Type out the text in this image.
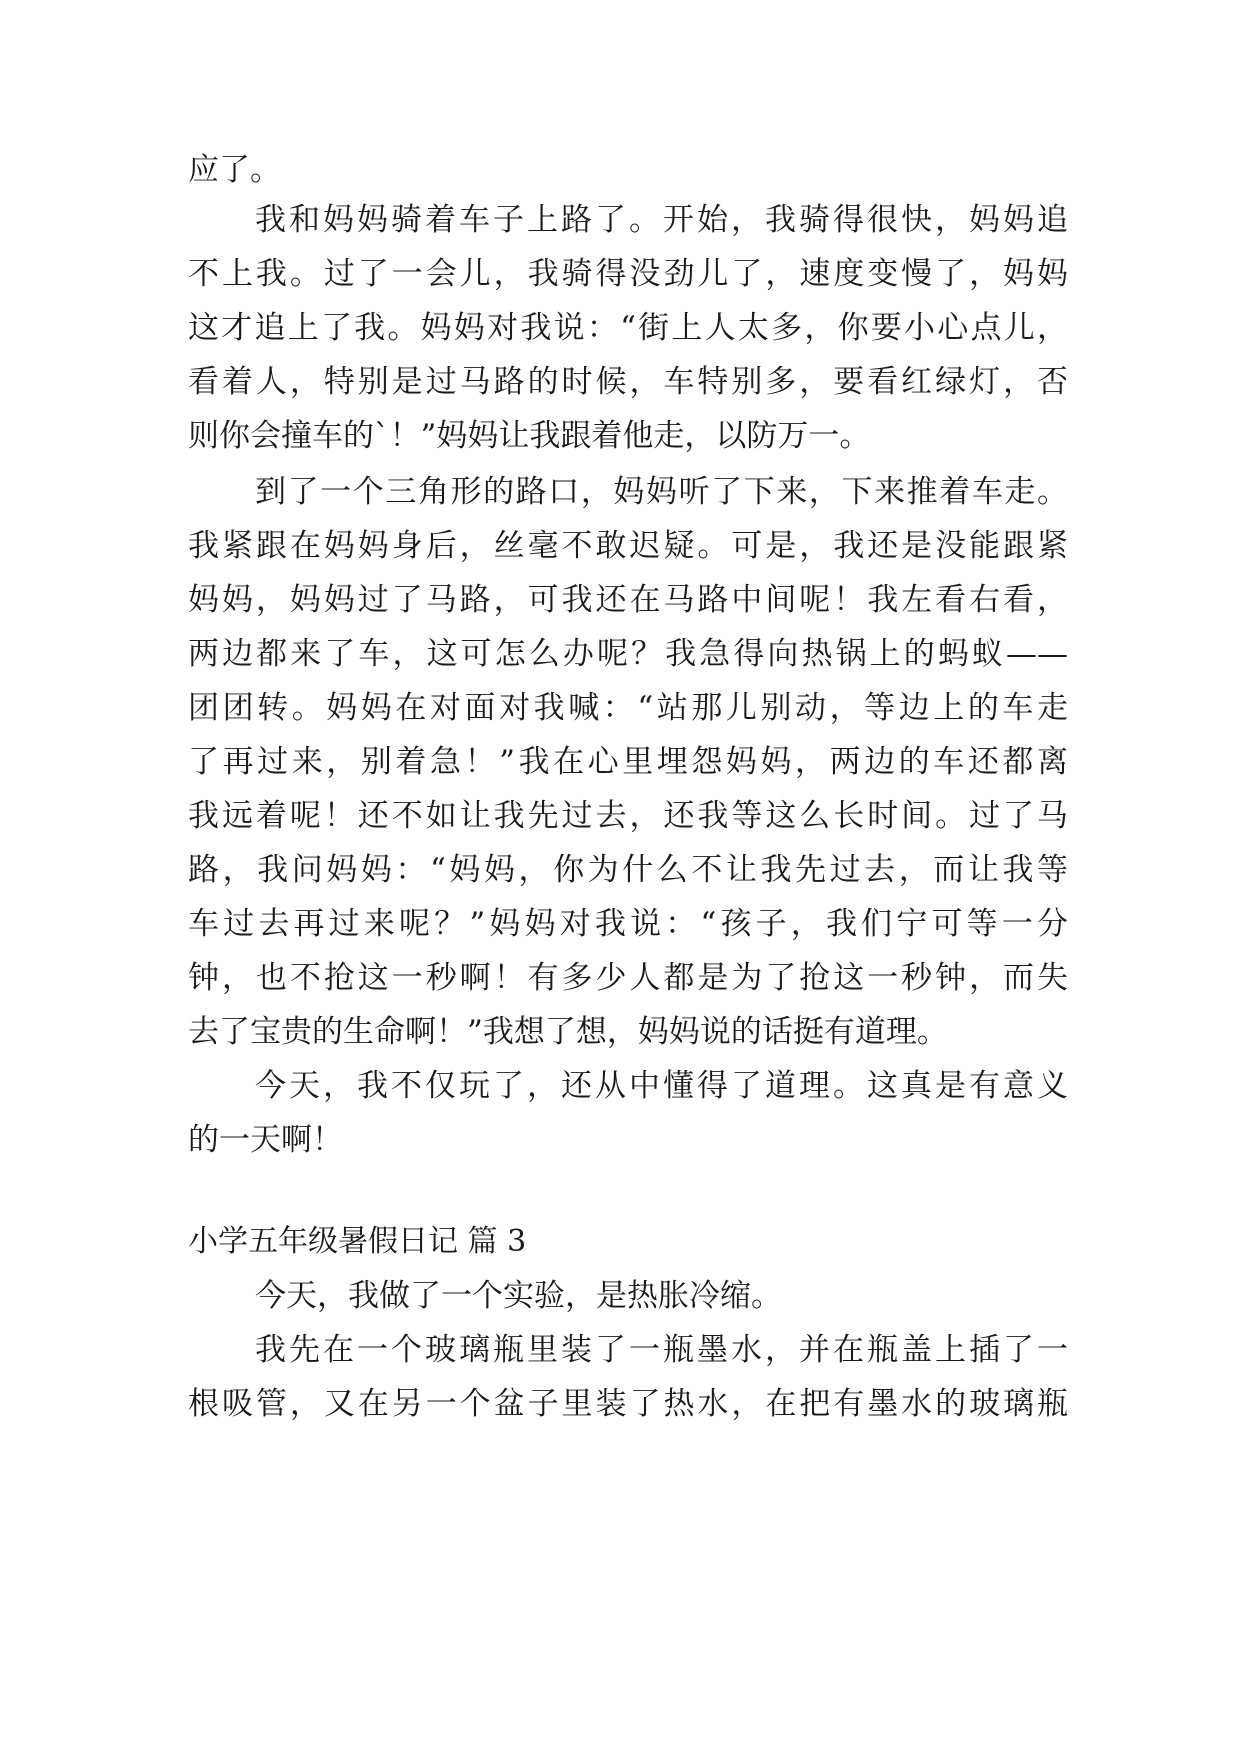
应了。
我和妈妈骑着车子上路了。开始，我骑得很快，妈妈追
不上我。过了一会儿，我骑得没劲儿了，速度变慢了，妈妈
这才追上了我。妈妈对我说：“街上人太多，你要小心点儿，
看着人，特别是过马路的时候，车特别多，要看红绿灯，否
则你会撞车的`！”妈妈让我跟着他走，以防万一。
到了一个三角形的路口，妈妈听了下来，下来推着车走。
我紧跟在妈妈身后，丝毫不敢迟疑。可是，我还是没能跟紧
妈妈，妈妈过了马路，可我还在马路中间呢！我左看右看，
两边都来了车，这可怎么办呢？我急得向热锅上的蚂蚁——
团团转。妈妈在对面对我喊：“站那儿别动，等边上的车走
了再过来，别着急！”我在心里埋怨妈妈，两边的车还都离
我远着呢！还不如让我先过去，还我等这么长时间。过了马
路，我问妈妈：“妈妈，你为什么不让我先过去，而让我等
车过去再过来呢？”妈妈对我说：“孩子，我们宁可等一分
钟，也不抢这一秒啊！有多少人都是为了抢这一秒钟，而失
去了宝贵的生命啊！”我想了想，妈妈说的话挺有道理。
今天，我不仅玩了，还从中懂得了道理。这真是有意义
的一天啊！
小学五年级暑假日记 篇 3
今天，我做了一个实验，是热胀冷缩。
我先在一个玻璃瓶里装了一瓶墨水，并在瓶盖上插了一
根吸管，又在另一个盆子里装了热水，在把有墨水的玻璃瓶
